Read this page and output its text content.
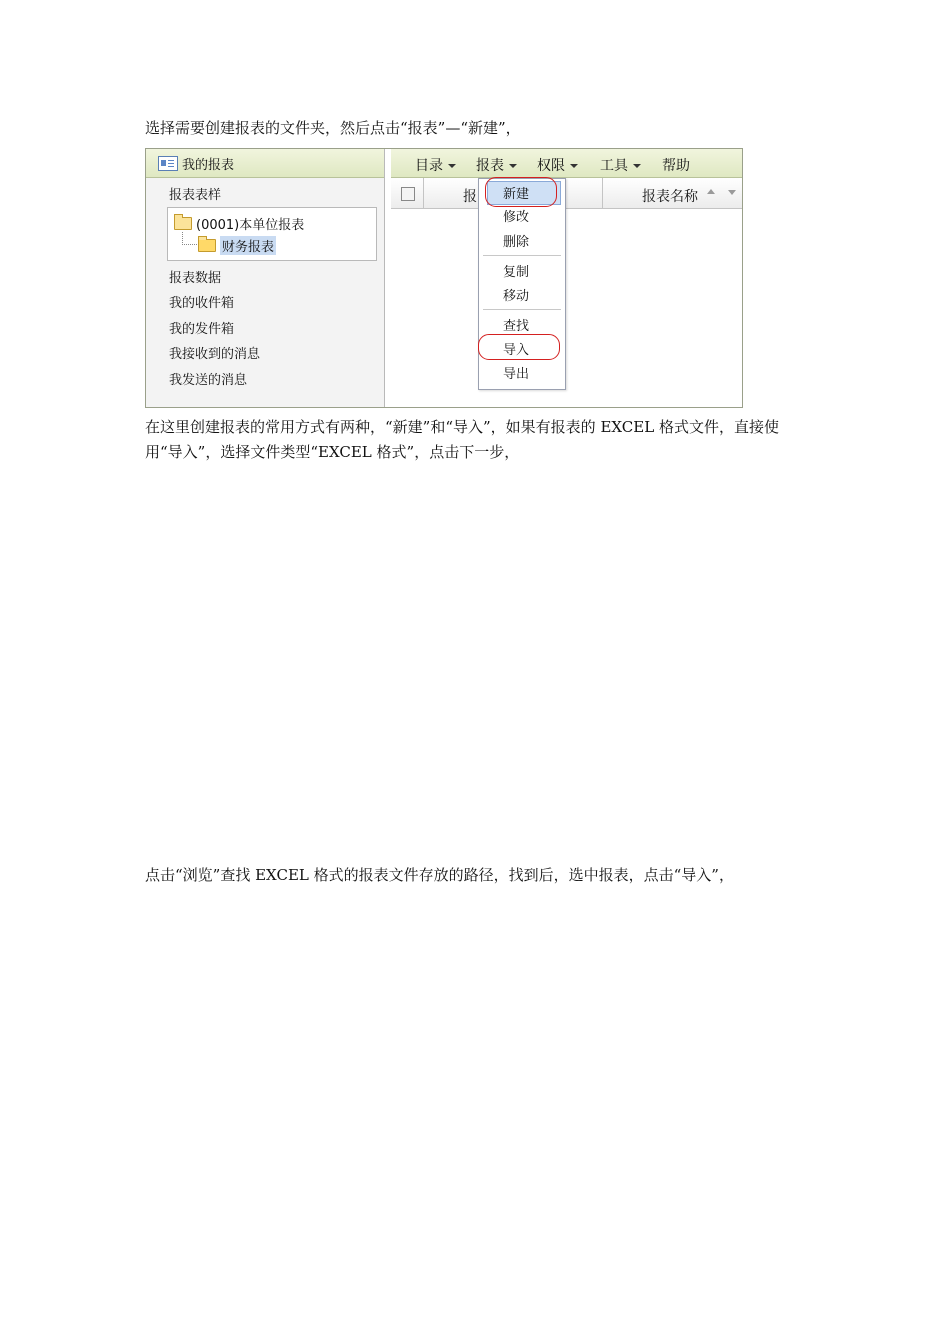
选择需要创建报表的文件夹，然后点击“报表”—“新建”，

我的报表
报表表样
(0001)本单位报表
财务报表
报表数据
我的收件箱
我的发件箱
我接收到的消息
我发送的消息
目录	报表	权限	工具	帮助
报	报表名称
新建
修改
删除
复制
移动
查找
导入
导出

在这里创建报表的常用方式有两种，“新建”和“导入”，如果有报表的 EXCEL 格式文件，直接使用“导入”，选择文件类型“EXCEL 格式”，点击下一步，

点击“浏览”查找 EXCEL 格式的报表文件存放的路径，找到后，选中报表，点击“导入”，
